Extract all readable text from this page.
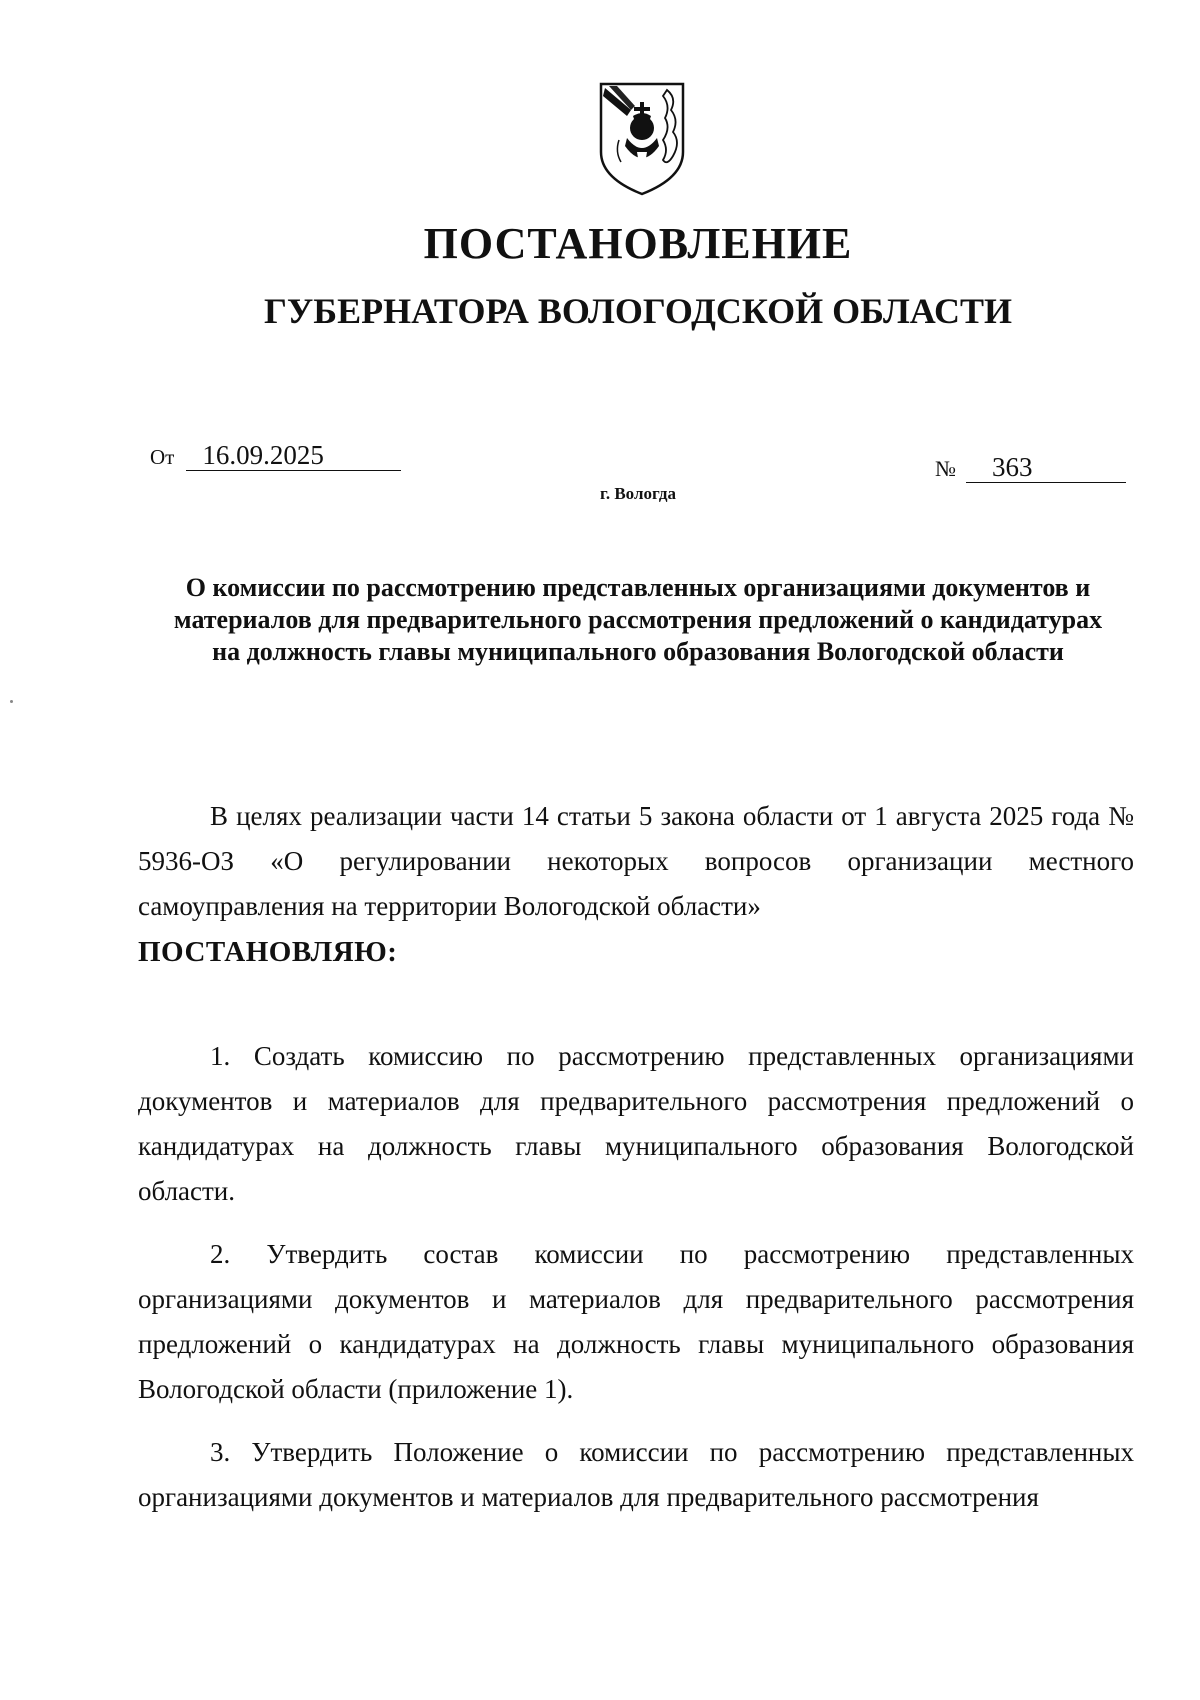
ПОСТАНОВЛЕНИЕ
ГУБЕРНАТОРА ВОЛОГОДСКОЙ ОБЛАСТИ
От 16.09.2025	№ 363
г. Вологда

О комиссии по рассмотрению представленных организациями документов и материалов для предварительного рассмотрения предложений о кандидатурах на должность главы муниципального образования Вологодской области

В целях реализации части 14 статьи 5 закона области от 1 августа 2025 года № 5936-ОЗ «О регулировании некоторых вопросов организации местного самоуправления на территории Вологодской области»

ПОСТАНОВЛЯЮ:

1. Создать комиссию по рассмотрению представленных организациями документов и материалов для предварительного рассмотрения предложений о кандидатурах на должность главы муниципального образования Вологодской области.

2. Утвердить состав комиссии по рассмотрению представленных организациями документов и материалов для предварительного рассмотрения предложений о кандидатурах на должность главы муниципального образования Вологодской области (приложение 1).

3. Утвердить Положение о комиссии по рассмотрению представленных организациями документов и материалов для предварительного рассмотрения
